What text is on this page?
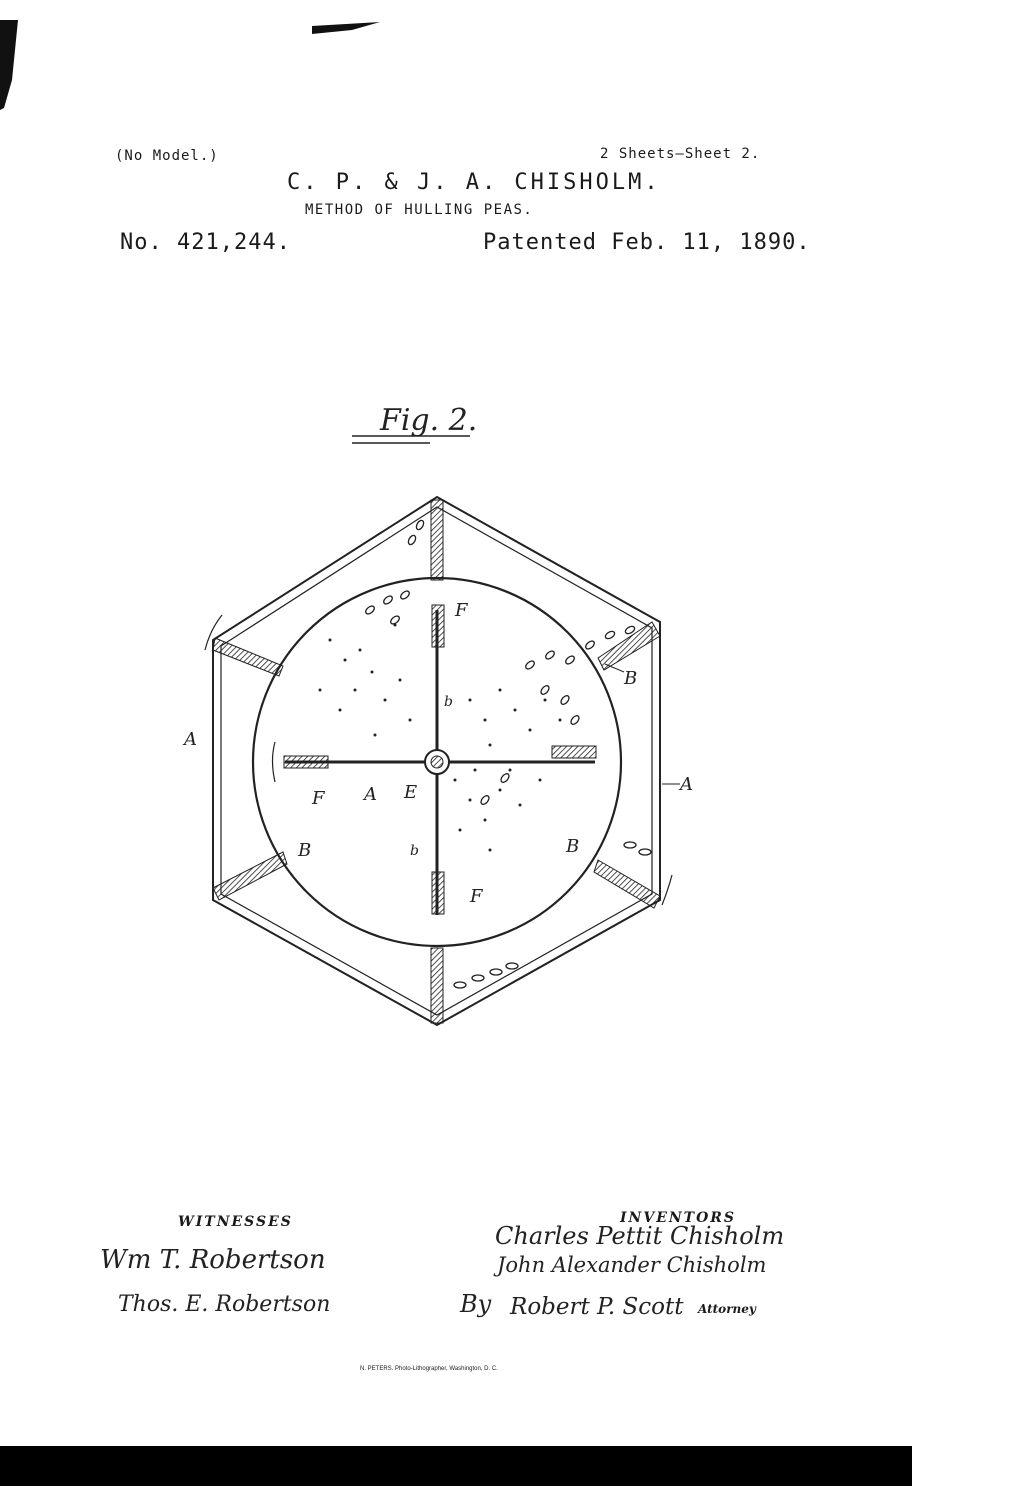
(No Model.)	2 Sheets—Sheet 2.
C. P. & J. A. CHISHOLM.
METHOD OF HULLING PEAS.
No. 421,244.	Patented Feb. 11, 1890.
Fig. 2.
A
A
A
B
B	B
F
F
F
E
b
b
WITNESSES	INVENTORS
Wm T. Robertson
Thos. E. Robertson
Charles Pettit Chisholm
John Alexander Chisholm
By Robert P. Scott Attorney
N. PETERS. Photo-Lithographer, Washington, D. C.
